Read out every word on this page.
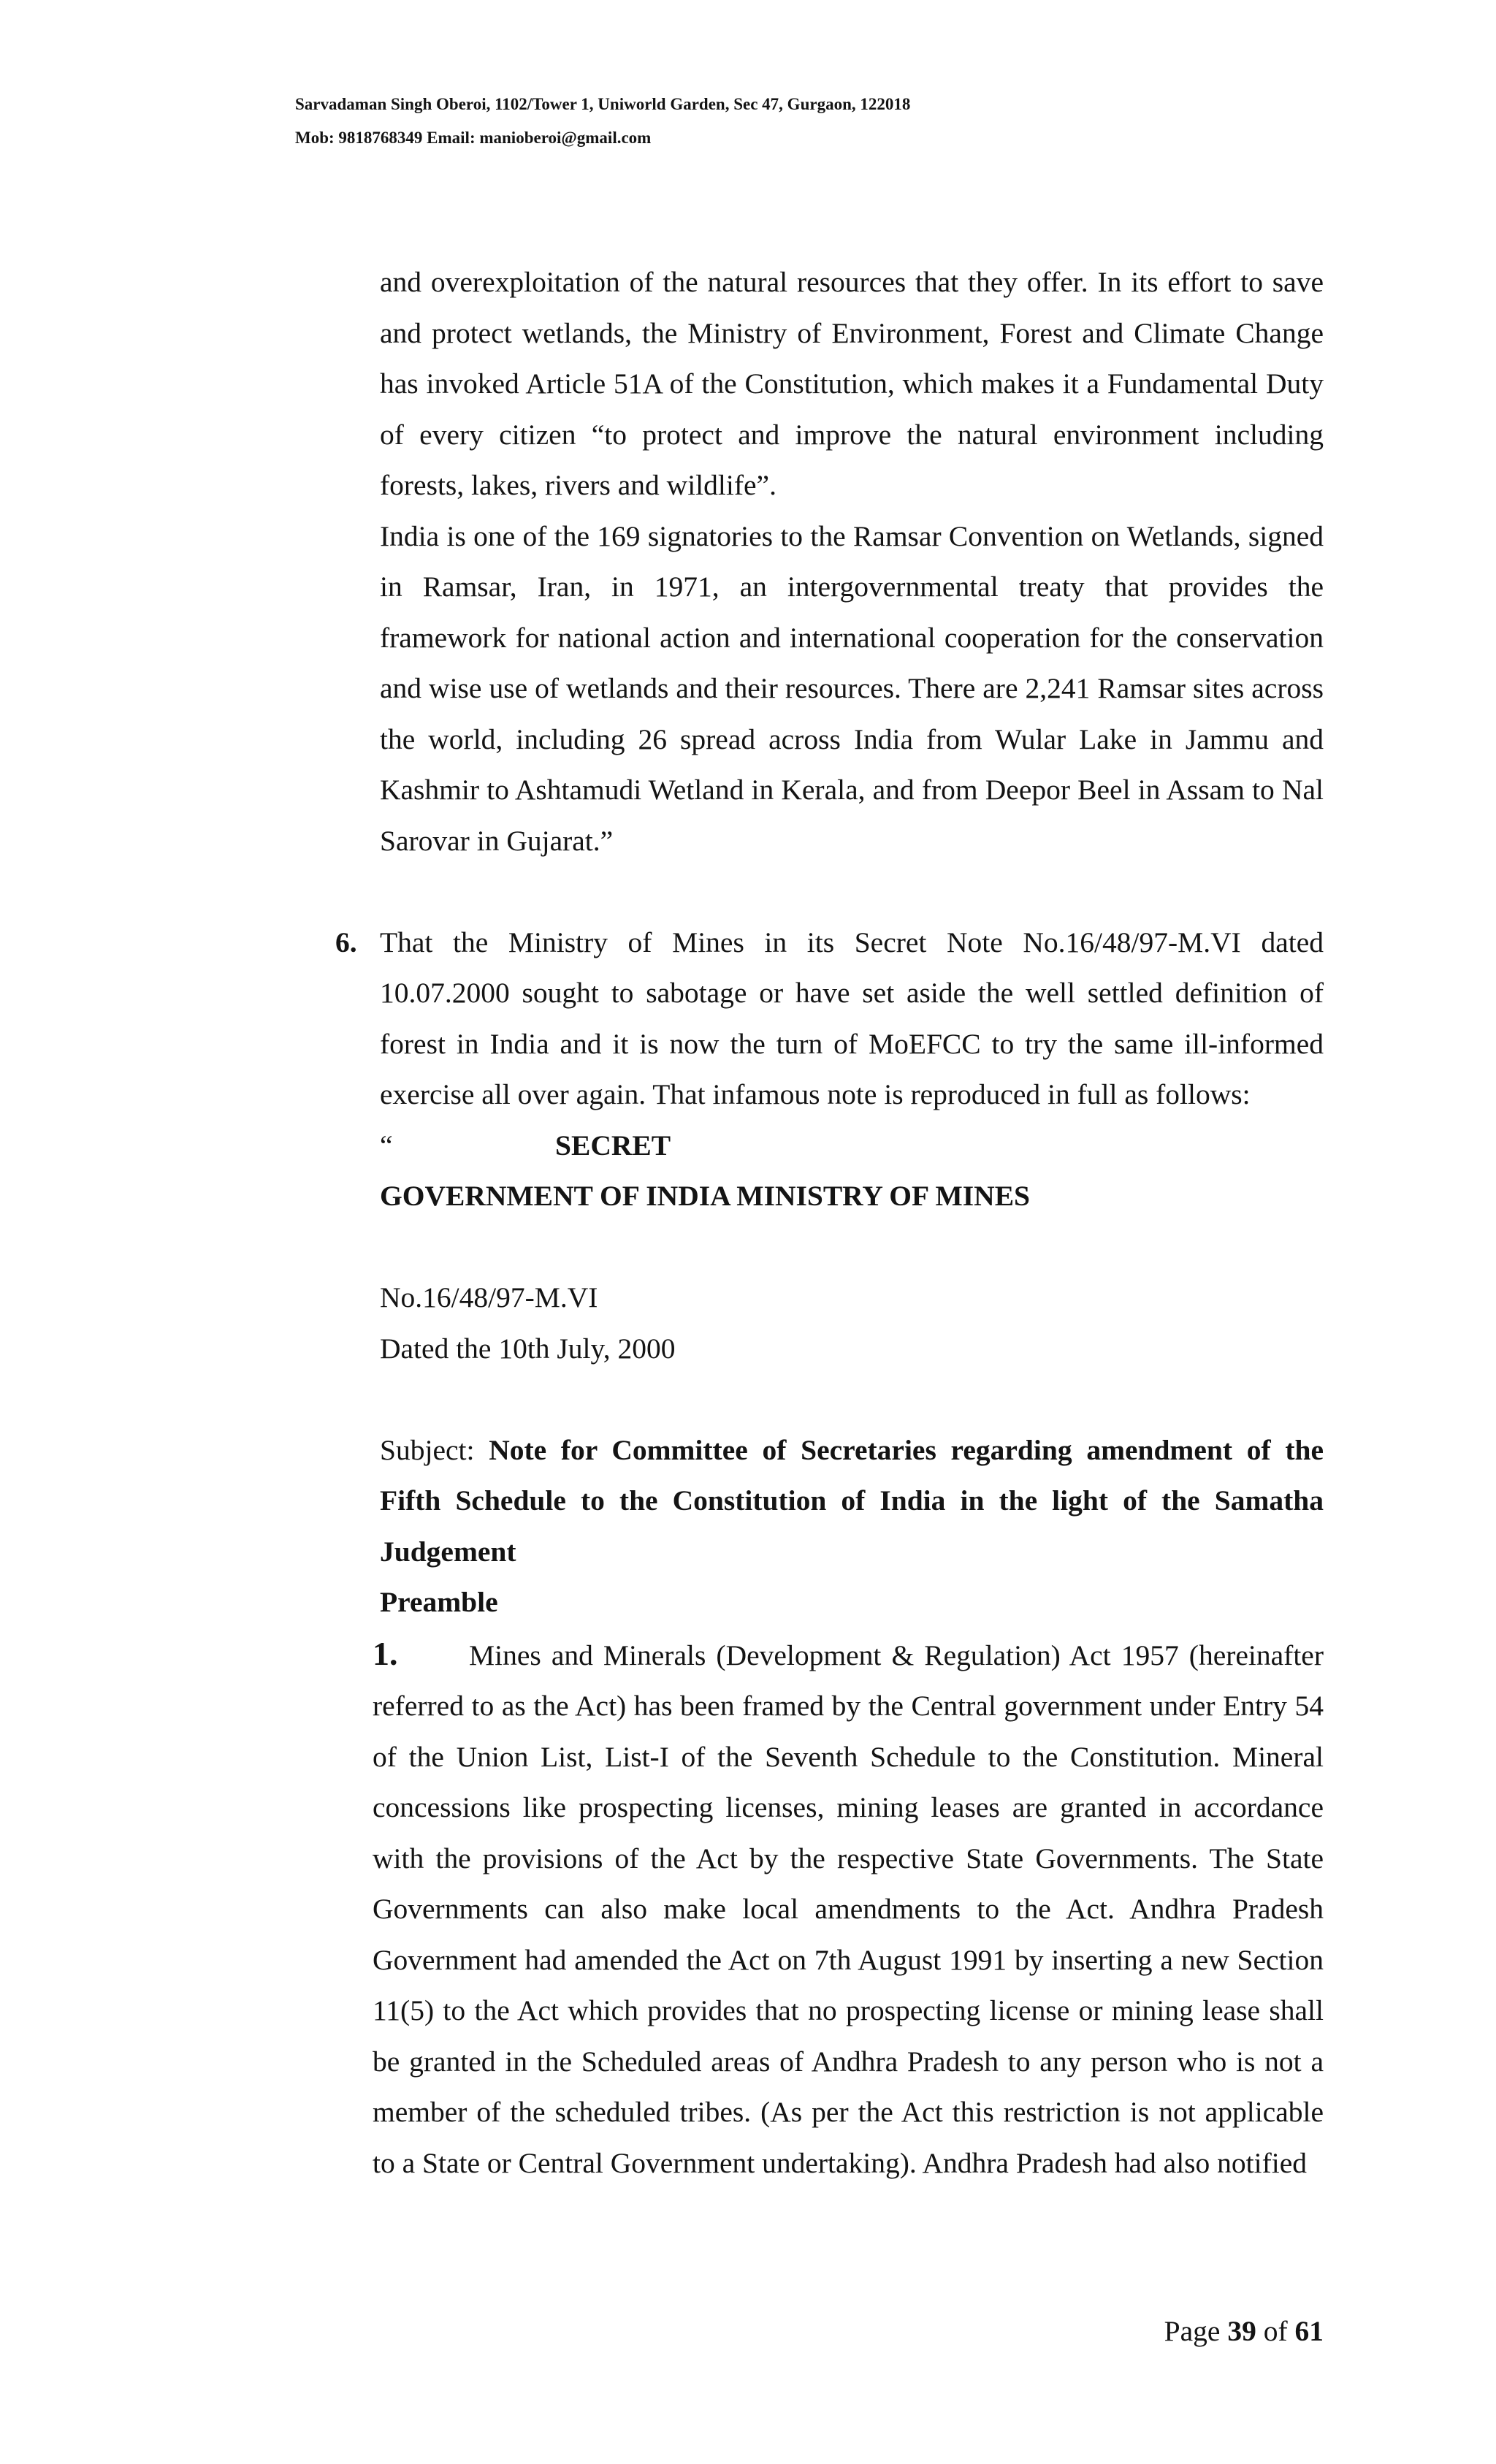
Sarvadaman Singh Oberoi, 1102/Tower 1, Uniworld Garden, Sec 47, Gurgaon, 122018
Mob: 9818768349 Email: manioberoi@gmail.com

and overexploitation of the natural resources that they offer. In its effort to save and protect wetlands, the Ministry of Environment, Forest and Climate Change has invoked Article 51A of the Constitution, which makes it a Fundamental Duty of every citizen “to protect and improve the natural environment including forests, lakes, rivers and wildlife”.

India is one of the 169 signatories to the Ramsar Convention on Wetlands, signed in Ramsar, Iran, in 1971, an intergovernmental treaty that provides the framework for national action and international cooperation for the conservation and wise use of wetlands and their resources. There are 2,241 Ramsar sites across the world, including 26 spread across India from Wular Lake in Jammu and Kashmir to Ashtamudi Wetland in Kerala, and from Deepor Beel in Assam to Nal Sarovar in Gujarat.”

6. That the Ministry of Mines in its Secret Note No.16/48/97-M.VI dated 10.07.2000 sought to sabotage or have set aside the well settled definition of forest in India and it is now the turn of MoEFCC to try the same ill-informed exercise all over again. That infamous note is reproduced in full as follows:

“	SECRET

GOVERNMENT OF INDIA MINISTRY OF MINES

No.16/48/97-M.VI

Dated the 10th July, 2000

Subject: Note for Committee of Secretaries regarding amendment of the Fifth Schedule to the Constitution of India in the light of the Samatha Judgement

Preamble

1. Mines and Minerals (Development & Regulation) Act 1957 (hereinafter referred to as the Act) has been framed by the Central government under Entry 54 of the Union List, List-I of the Seventh Schedule to the Constitution. Mineral concessions like prospecting licenses, mining leases are granted in accordance with the provisions of the Act by the respective State Governments. The State Governments can also make local amendments to the Act. Andhra Pradesh Government had amended the Act on 7th August 1991 by inserting a new Section 11(5) to the Act which provides that no prospecting license or mining lease shall be granted in the Scheduled areas of Andhra Pradesh to any person who is not a member of the scheduled tribes. (As per the Act this restriction is not applicable to a State or Central Government undertaking). Andhra Pradesh had also notified

Page 39 of 61
